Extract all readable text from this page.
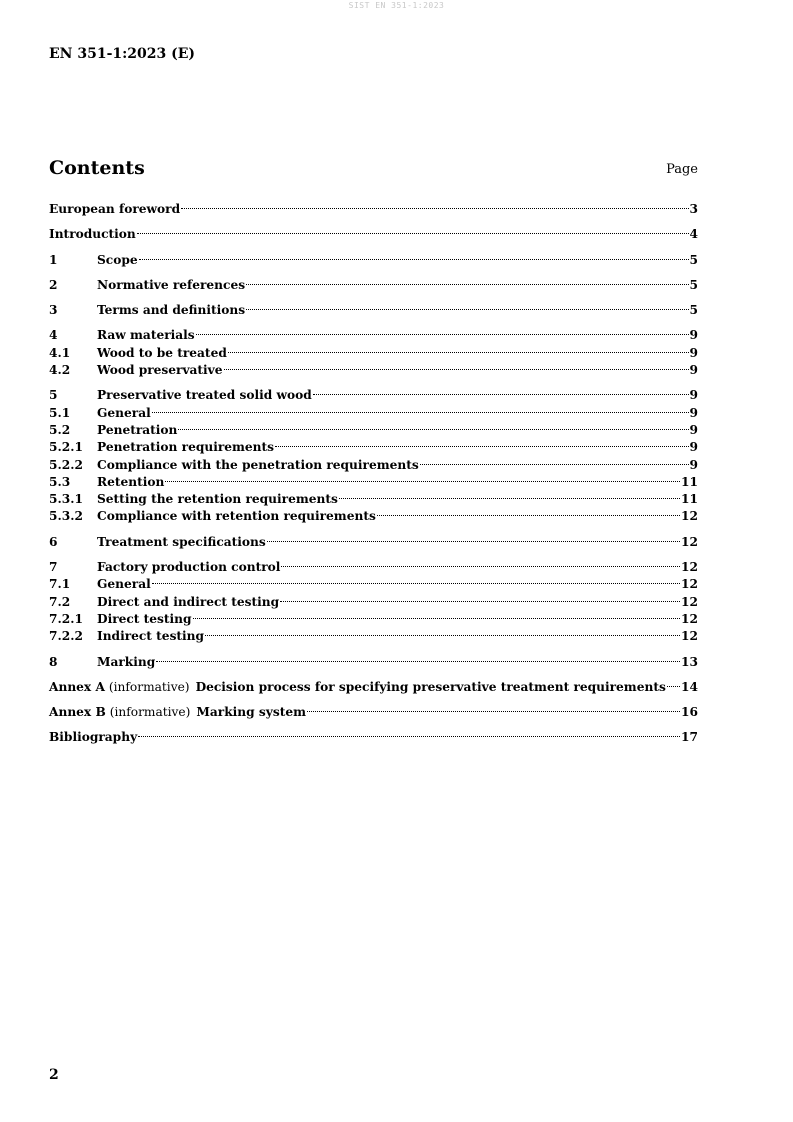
SIST EN 351-1:2023
EN 351-1:2023 (E)
Contents	Page
European foreword	3
Introduction	4
1	Scope	5
2	Normative references	5
3	Terms and definitions	5
4	Raw materials	9
4.1	Wood to be treated	9
4.2	Wood preservative	9
5	Preservative treated solid wood	9
5.1	General	9
5.2	Penetration	9
5.2.1	Penetration requirements	9
5.2.2	Compliance with the penetration requirements	9
5.3	Retention	11
5.3.1	Setting the retention requirements	11
5.3.2	Compliance with retention requirements	12
6	Treatment specifications	12
7	Factory production control	12
7.1	General	12
7.2	Direct and indirect testing	12
7.2.1	Direct testing	12
7.2.2	Indirect testing	12
8	Marking	13
Annex A (informative) Decision process for specifying preservative treatment requirements 14
Annex B (informative) Marking system	16
Bibliography	17
2
